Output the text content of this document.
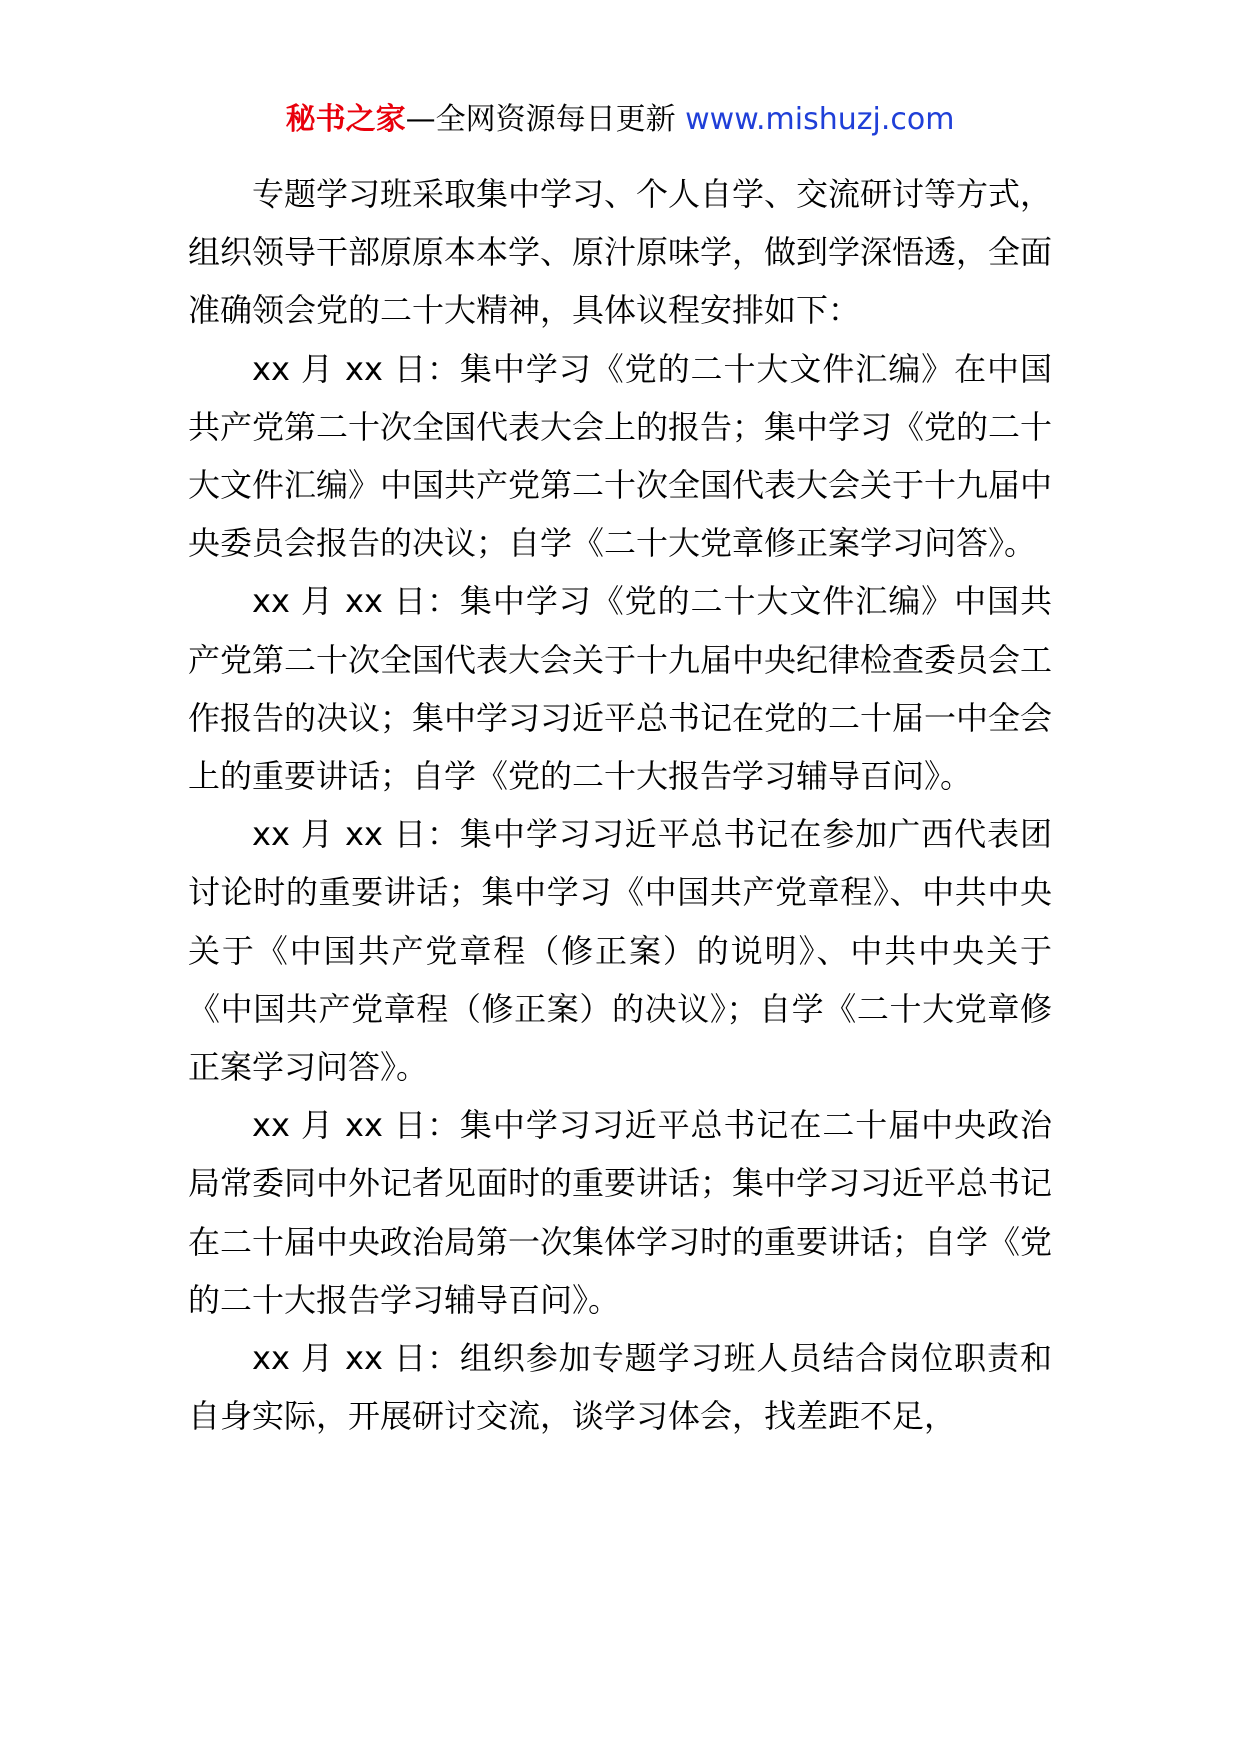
秘书之家—全网资源每日更新 www.mishuzj.com

专题学习班采取集中学习、个人自学、交流研讨等方式，组织领导干部原原本本学、原汁原味学，做到学深悟透，全面准确领会党的二十大精神，具体议程安排如下：

xx 月 xx 日：集中学习《党的二十大文件汇编》在中国共产党第二十次全国代表大会上的报告；集中学习《党的二十大文件汇编》中国共产党第二十次全国代表大会关于十九届中央委员会报告的决议；自学《二十大党章修正案学习问答》。

xx 月 xx 日：集中学习《党的二十大文件汇编》中国共产党第二十次全国代表大会关于十九届中央纪律检查委员会工作报告的决议；集中学习习近平总书记在党的二十届一中全会上的重要讲话；自学《党的二十大报告学习辅导百问》。

xx 月 xx 日：集中学习习近平总书记在参加广西代表团讨论时的重要讲话；集中学习《中国共产党章程》、中共中央关于《中国共产党章程（修正案）的说明》、中共中央关于《中国共产党章程（修正案）的决议》；自学《二十大党章修正案学习问答》。

xx 月 xx 日：集中学习习近平总书记在二十届中央政治局常委同中外记者见面时的重要讲话；集中学习习近平总书记在二十届中央政治局第一次集体学习时的重要讲话；自学《党的二十大报告学习辅导百问》。

xx 月 xx 日：组织参加专题学习班人员结合岗位职责和自身实际，开展研讨交流，谈学习体会，找差距不足，
